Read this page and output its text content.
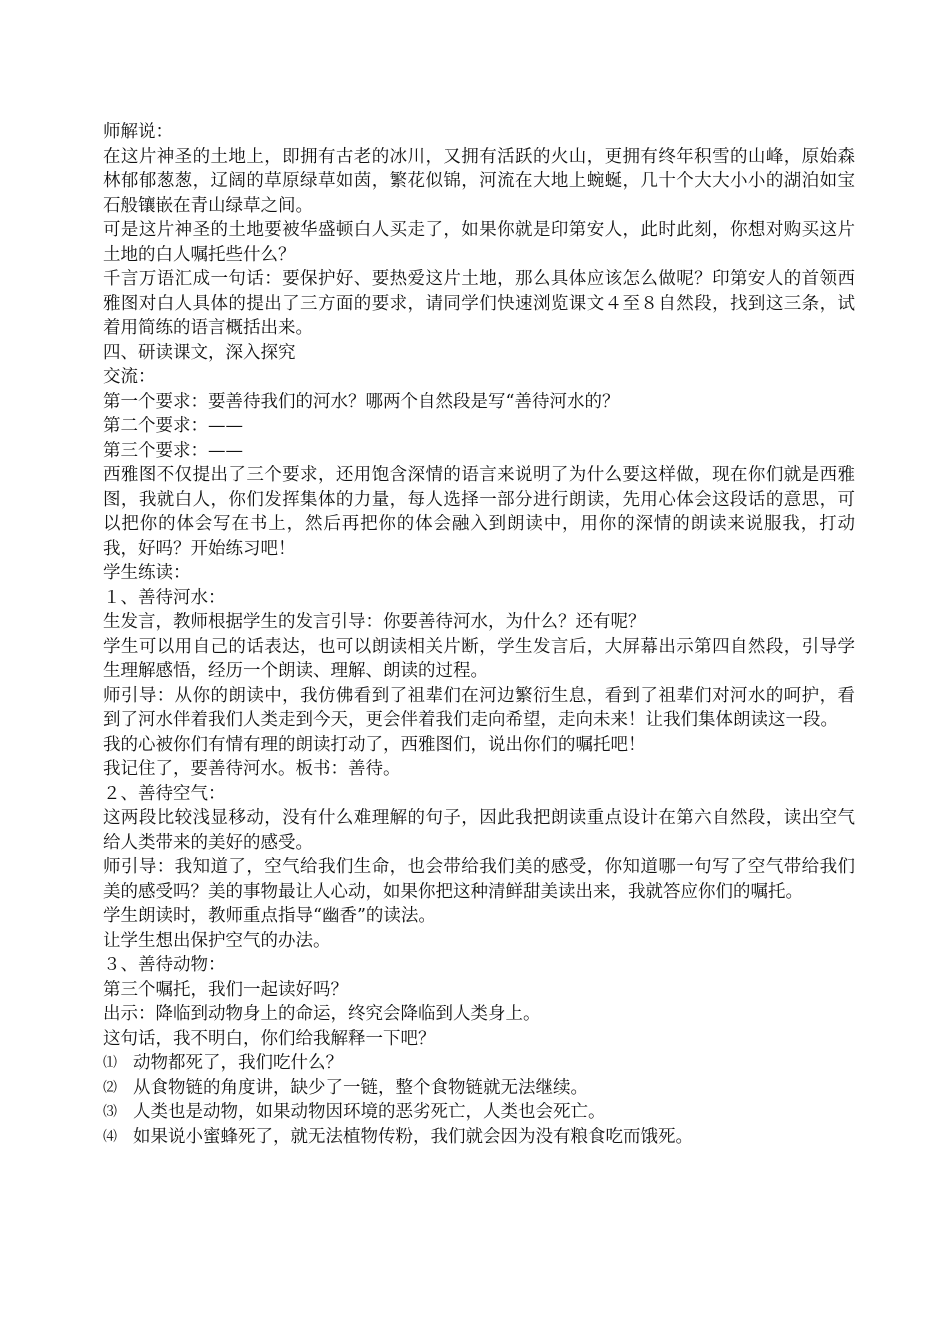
师解说：

在这片神圣的土地上，即拥有古老的冰川，又拥有活跃的火山，更拥有终年积雪的山峰，原始森林郁郁葱葱，辽阔的草原绿草如茵，繁花似锦，河流在大地上蜿蜒，几十个大大小小的湖泊如宝石般镶嵌在青山绿草之间。

可是这片神圣的土地要被华盛顿白人买走了，如果你就是印第安人，此时此刻，你想对购买这片土地的白人嘱托些什么？

千言万语汇成一句话：要保护好、要热爱这片土地，那么具体应该怎么做呢？印第安人的首领西雅图对白人具体的提出了三方面的要求，请同学们快速浏览课文４至８自然段，找到这三条，试着用简练的语言概括出来。

四、研读课文，深入探究

交流：

第一个要求：要善待我们的河水？哪两个自然段是写“善待河水的？

第二个要求：——

第三个要求：——

西雅图不仅提出了三个要求，还用饱含深情的语言来说明了为什么要这样做，现在你们就是西雅图，我就白人，你们发挥集体的力量，每人选择一部分进行朗读，先用心体会这段话的意思，可以把你的体会写在书上，然后再把你的体会融入到朗读中，用你的深情的朗读来说服我，打动我，好吗？开始练习吧！

学生练读：

１、善待河水：

生发言，教师根据学生的发言引导：你要善待河水，为什么？还有呢？

学生可以用自己的话表达，也可以朗读相关片断，学生发言后，大屏幕出示第四自然段，引导学生理解感悟，经历一个朗读、理解、朗读的过程。

师引导：从你的朗读中，我仿佛看到了祖辈们在河边繁衍生息，看到了祖辈们对河水的呵护，看到了河水伴着我们人类走到今天，更会伴着我们走向希望，走向未来！让我们集体朗读这一段。

我的心被你们有情有理的朗读打动了，西雅图们，说出你们的嘱托吧！

我记住了，要善待河水。板书：善待。

２、善待空气：

这两段比较浅显移动，没有什么难理解的句子，因此我把朗读重点设计在第六自然段，读出空气给人类带来的美好的感受。

师引导：我知道了，空气给我们生命，也会带给我们美的感受，你知道哪一句写了空气带给我们美的感受吗？美的事物最让人心动，如果你把这种清鲜甜美读出来，我就答应你们的嘱托。

学生朗读时，教师重点指导“幽香”的读法。

让学生想出保护空气的办法。

３、善待动物：

第三个嘱托，我们一起读好吗？

出示：降临到动物身上的命运，终究会降临到人类身上。

这句话，我不明白，你们给我解释一下吧？

⑴ 动物都死了，我们吃什么？
⑵ 从食物链的角度讲，缺少了一链，整个食物链就无法继续。
⑶ 人类也是动物，如果动物因环境的恶劣死亡，人类也会死亡。
⑷ 如果说小蜜蜂死了，就无法植物传粉，我们就会因为没有粮食吃而饿死。
